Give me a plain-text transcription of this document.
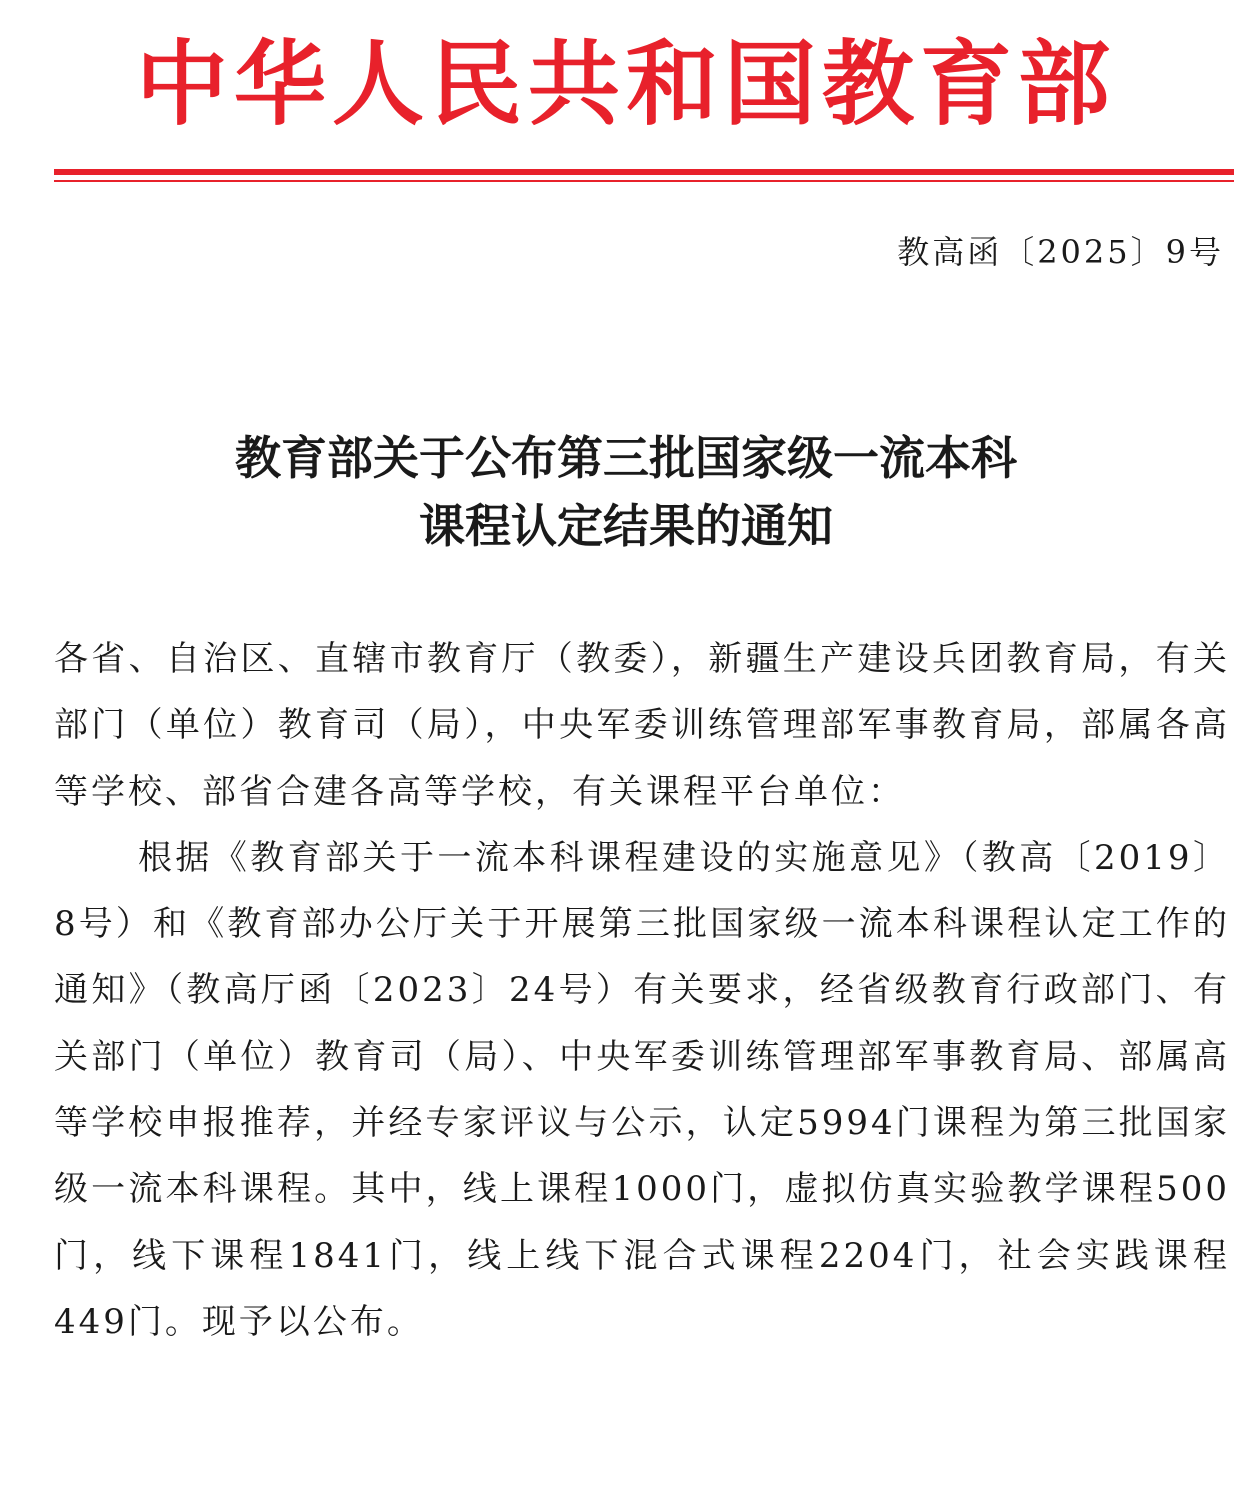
中华人民共和国教育部
教高函〔2025〕9号
教育部关于公布第三批国家级一流本科
课程认定结果的通知

各省、自治区、直辖市教育厅（教委），新疆生产建设兵团教育局，有关部门（单位）教育司（局），中央军委训练管理部军事教育局，部属各高等学校、部省合建各高等学校，有关课程平台单位：

根据《教育部关于一流本科课程建设的实施意见》（教高〔2019〕8号）和《教育部办公厅关于开展第三批国家级一流本科课程认定工作的通知》（教高厅函〔2023〕24号）有关要求，经省级教育行政部门、有关部门（单位）教育司（局）、中央军委训练管理部军事教育局、部属高等学校申报推荐，并经专家评议与公示，认定5994门课程为第三批国家级一流本科课程。其中，线上课程1000门，虚拟仿真实验教学课程500门，线下课程1841门，线上线下混合式课程2204门，社会实践课程449门。现予以公布。
